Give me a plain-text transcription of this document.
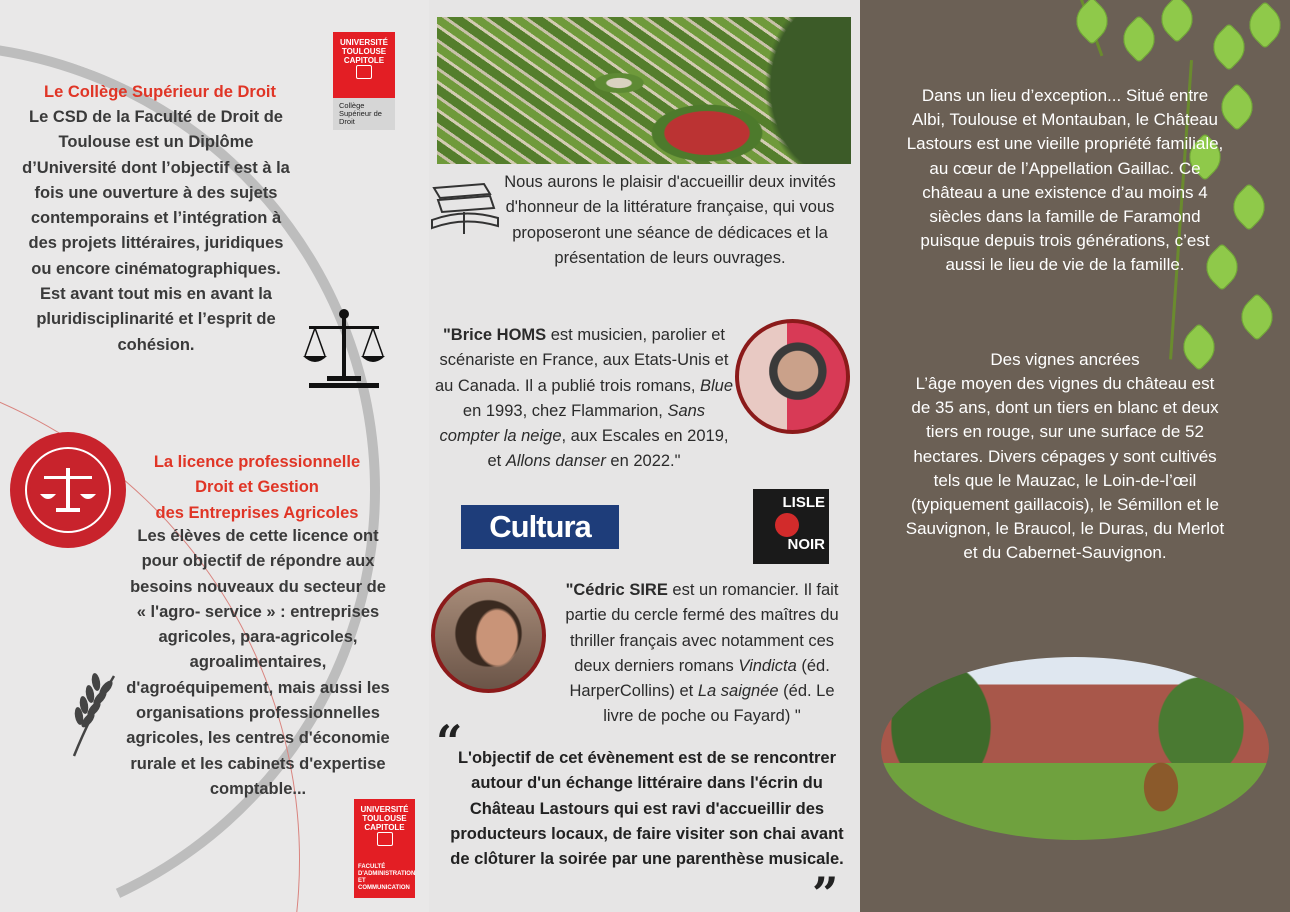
UNIVERSITÉ
TOULOUSE
CAPITOLE
Collège Supérieur de Droit
Le Collège Supérieur de Droit
Le CSD de la Faculté de Droit de Toulouse est un Diplôme d’Université dont l’objectif est à la fois une ouverture à des sujets contemporains et l’intégration à des projets littéraires, juridiques ou encore cinématographiques. Est avant tout mis en avant la pluridisciplinarité et l’esprit de cohésion.
La licence professionnelle
Droit et Gestion
des Entreprises Agricoles
Les élèves de cette licence ont pour objectif de répondre aux besoins nouveaux du secteur de « l'agro- service » : entreprises agricoles, para-agricoles, agroalimentaires, d'agroéquipement, mais aussi les organisations professionnelles agricoles, les centres d'économie rurale et les cabinets d'expertise comptable...
UNIVERSITÉ
TOULOUSE
CAPITOLE
FACULTÉ D'ADMINISTRATION ET COMMUNICATION
Nous aurons le plaisir d'accueillir deux invités d'honneur de la littérature française, qui vous proposeront une séance de dédicaces et la présentation de leurs ouvrages.
"Brice HOMS est musicien, parolier et scénariste en France, aux Etats-Unis et au Canada. Il a publié trois romans, Blue en 1993, chez Flammarion, Sans compter la neige, aux Escales en 2019, et Allons danser en 2022."
Cultura
LISLE
NOIR
"Cédric SIRE est un romancier. Il fait partie du cercle fermé des maîtres du thriller français avec notamment ces deux derniers romans Vindicta (éd. HarperCollins) et La saignée (éd. Le livre de poche ou Fayard) "
“
L'objectif de cet évènement est de se rencontrer autour d'un échange littéraire dans l'écrin du Château Lastours qui est ravi d'accueillir des producteurs locaux, de faire visiter son chai avant de clôturer la soirée par une parenthèse musicale.
”
Dans un lieu d’exception... Situé entre Albi, Toulouse et Montauban, le Château Lastours est une vieille propriété familiale, au cœur de l’Appellation Gaillac. Ce château a une existence d’au moins 4 siècles dans la famille de Faramond puisque depuis trois générations, c’est aussi le lieu de vie de la famille.
Des vignes ancrées
L’âge moyen des vignes du château est de 35 ans, dont un tiers en blanc et deux tiers en rouge, sur une surface de 52 hectares. Divers cépages y sont cultivés tels que le Mauzac, le Loin-de-l’œil (typiquement gaillacois), le Sémillon et le Sauvignon, le Braucol, le Duras, du Merlot et du Cabernet-Sauvignon.
